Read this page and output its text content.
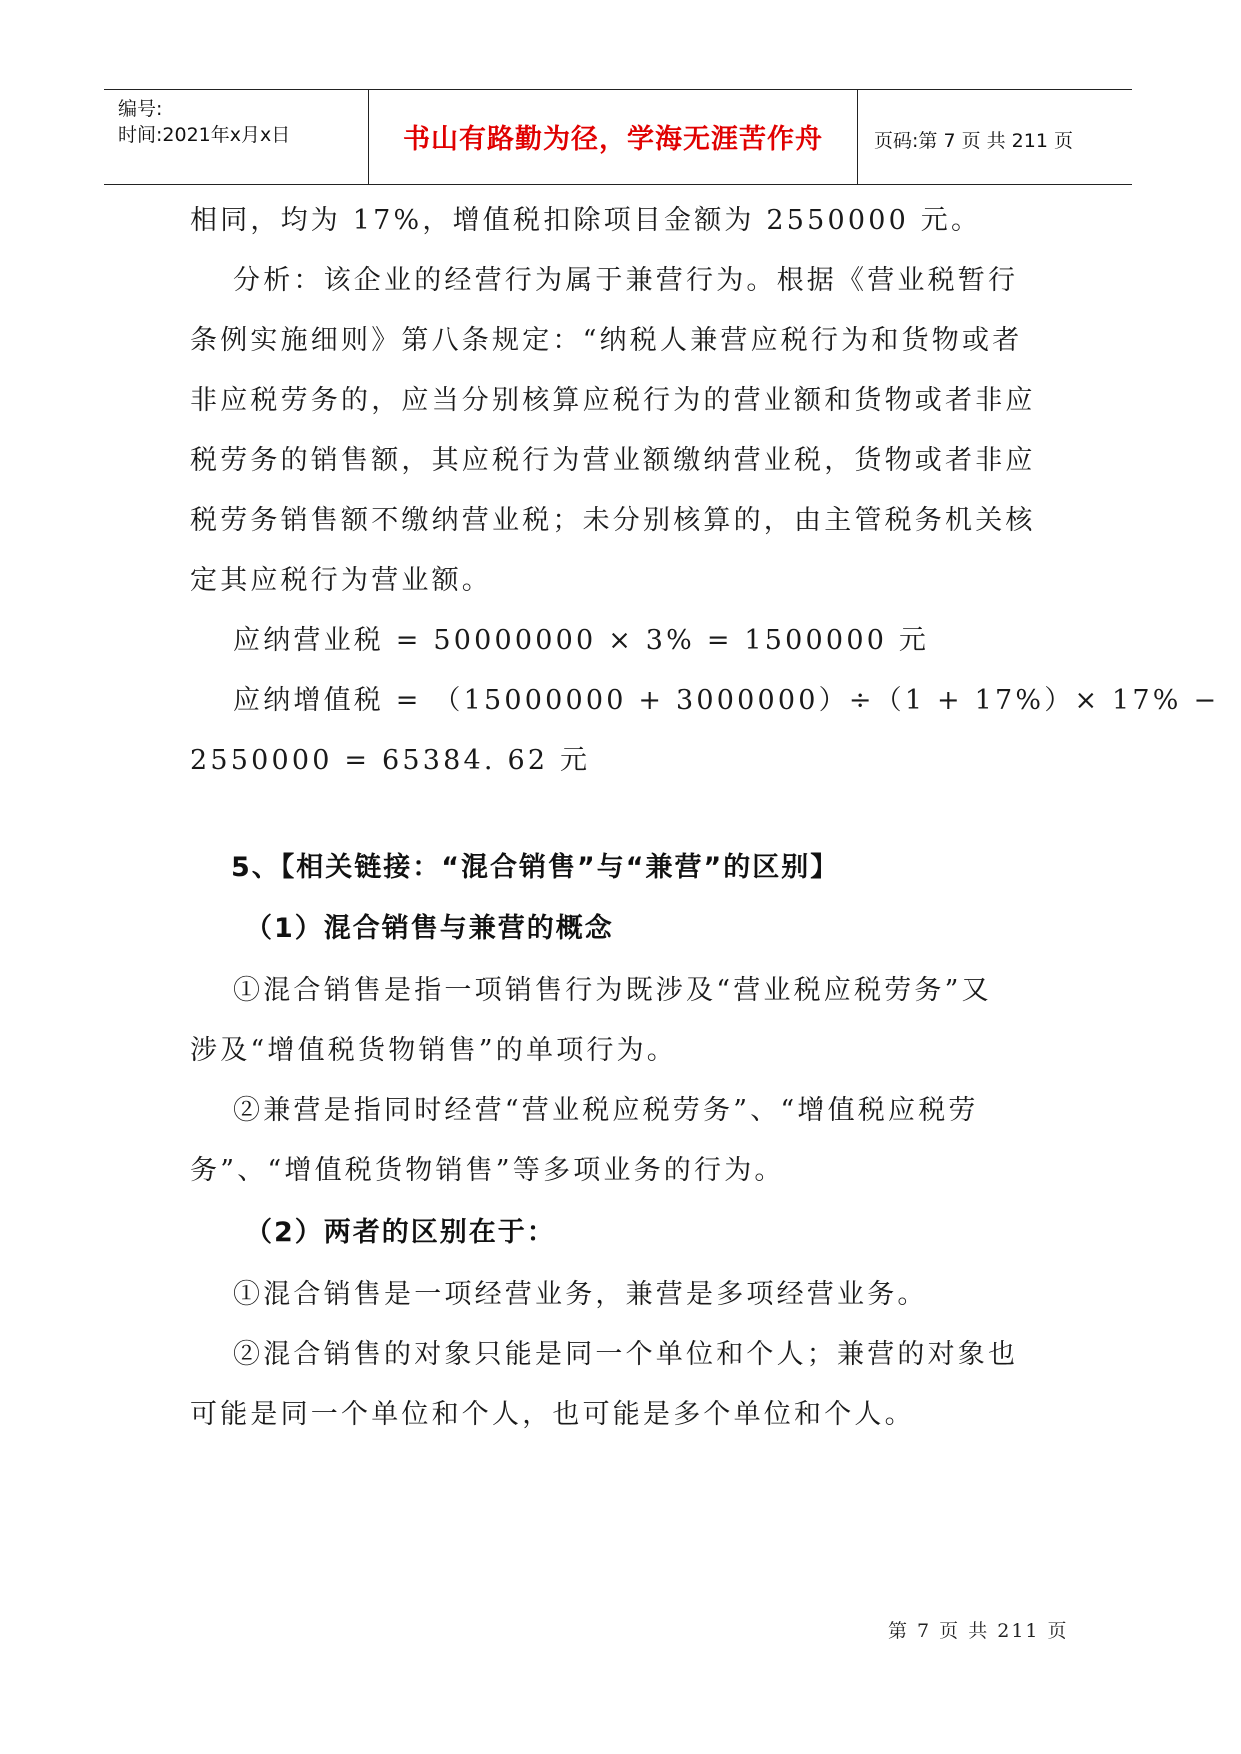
编号:
时间:2021年x月x日	书山有路勤为径，学海无涯苦作舟	页码:第 7 页 共 211 页
相同，均为 17%，增值税扣除项目金额为 2550000 元。
分析：该企业的经营行为属于兼营行为。根据《营业税暂行
条例实施细则》第八条规定：“纳税人兼营应税行为和货物或者
非应税劳务的，应当分别核算应税行为的营业额和货物或者非应
税劳务的销售额，其应税行为营业额缴纳营业税，货物或者非应
税劳务销售额不缴纳营业税；未分别核算的，由主管税务机关核
定其应税行为营业额。
应纳营业税 = 50000000 × 3% = 1500000 元
应纳增值税 = （15000000 + 3000000）÷（1 + 17%）× 17% −
2550000 = 65384. 62 元
5、【相关链接：“混合销售”与“兼营”的区别】
（1）混合销售与兼营的概念
①混合销售是指一项销售行为既涉及“营业税应税劳务”又
涉及“增值税货物销售”的单项行为。
②兼营是指同时经营“营业税应税劳务”、“增值税应税劳
务”、“增值税货物销售”等多项业务的行为。
（2）两者的区别在于：
①混合销售是一项经营业务，兼营是多项经营业务。
②混合销售的对象只能是同一个单位和个人；兼营的对象也
可能是同一个单位和个人，也可能是多个单位和个人。
第 7 页 共 211 页
